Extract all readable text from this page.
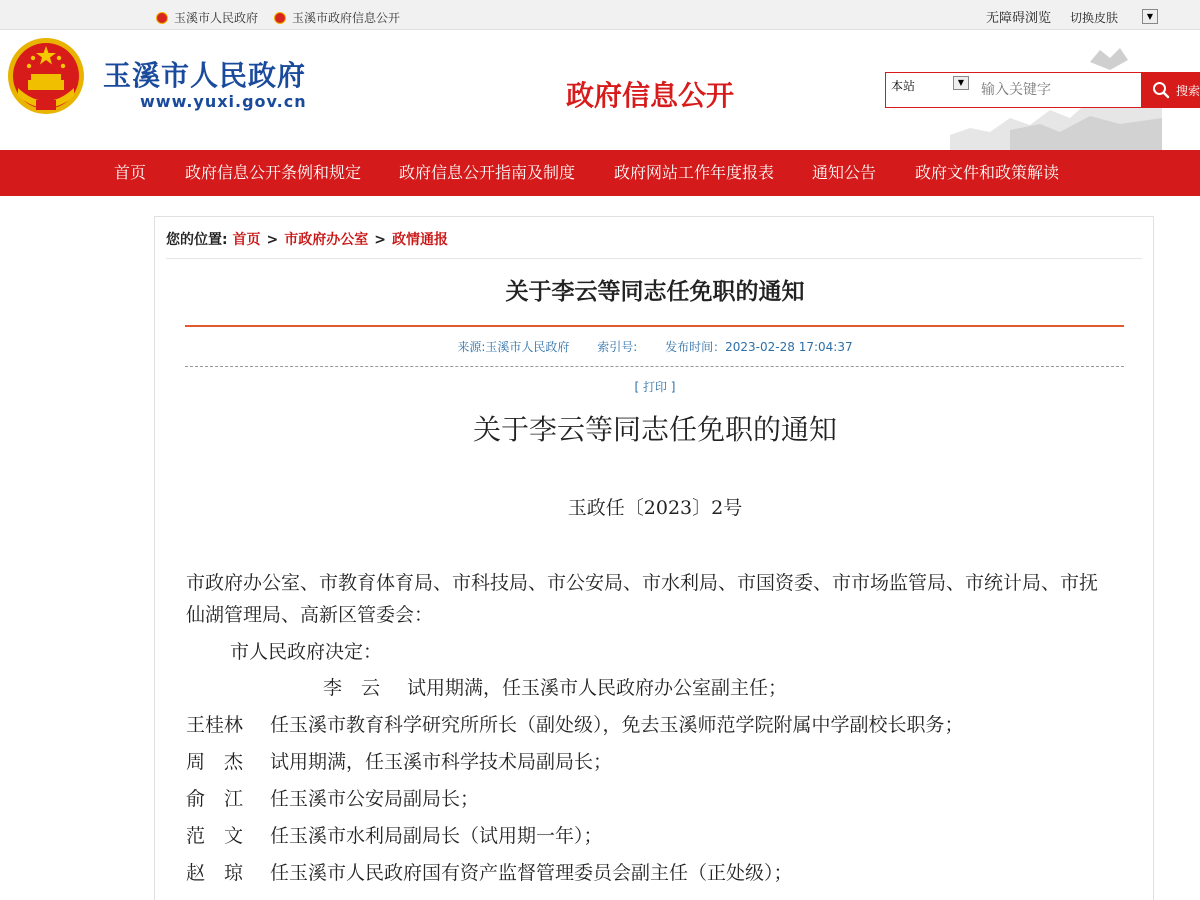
玉溪市人民政府	玉溪市政府信息公开	无障碍浏览 切换皮肤	▼
玉溪市人民政府
www.yuxi.gov.cn	政府信息公开	本站	▼
输入关键字
搜索
首页 政府信息公开条例和规定 政府信息公开指南及制度 政府网站工作年度报表 通知公告 政府文件和政策解读
您的位置: 首页 > 市政府办公室 > 政情通报
关于李云等同志任免职的通知
来源:玉溪市人民政府 索引号: 发布时间：2023-02-28 17:04:37
[ 打印 ]
关于李云等同志任免职的通知
玉政任〔2023〕2号
市政府办公室、市教育体育局、市科技局、市公安局、市水利局、市国资委、市市场监管局、市统计局、市抚仙湖管理局、高新区管委会：
市人民政府决定：
李　云 试用期满，任玉溪市人民政府办公室副主任；
王桂林 任玉溪市教育科学研究所所长（副处级），免去玉溪师范学院附属中学副校长职务；
周　杰 试用期满，任玉溪市科学技术局副局长；
俞　江 任玉溪市公安局副局长；
范　文 任玉溪市水利局副局长（试用期一年）；
赵　琼 任玉溪市人民政府国有资产监督管理委员会副主任（正处级）；
